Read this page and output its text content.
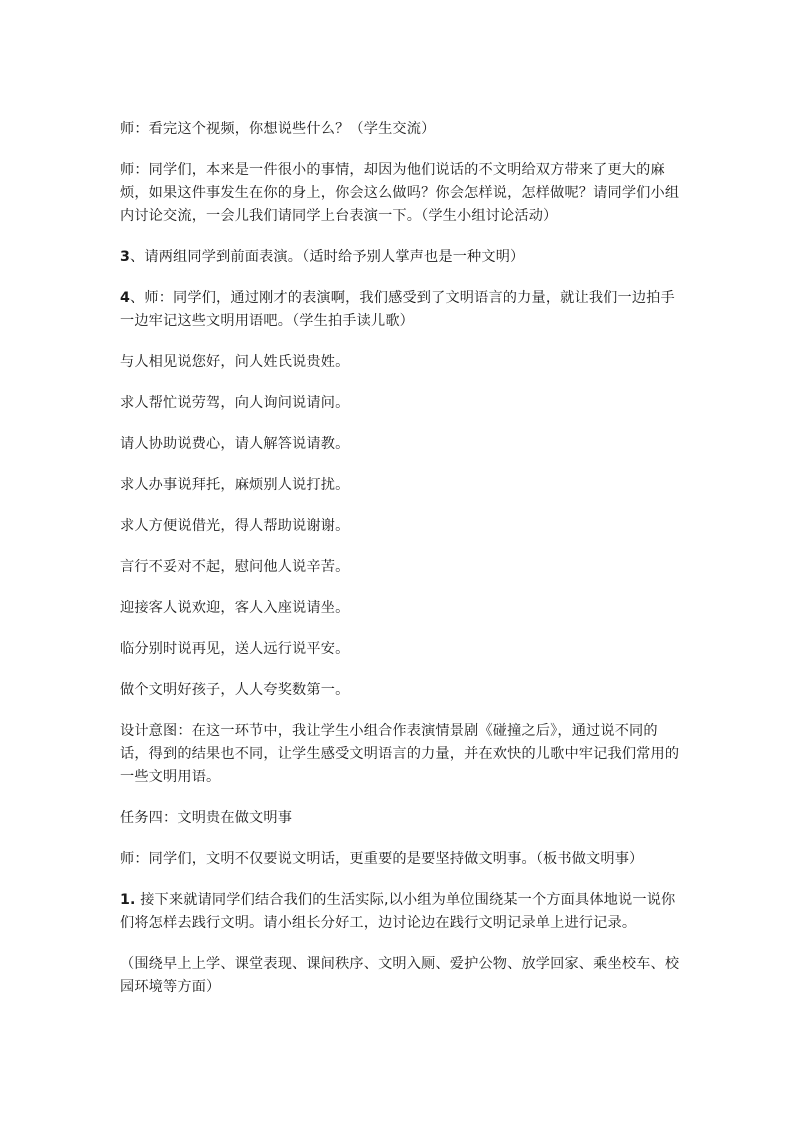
师：看完这个视频，你想说些什么？（学生交流）

师：同学们，本来是一件很小的事情，却因为他们说话的不文明给双方带来了更大的麻烦，如果这件事发生在你的身上，你会这么做吗？你会怎样说，怎样做呢？请同学们小组内讨论交流，一会儿我们请同学上台表演一下。（学生小组讨论活动）

3、请两组同学到前面表演。（适时给予别人掌声也是一种文明）

4、师：同学们，通过刚才的表演啊，我们感受到了文明语言的力量，就让我们一边拍手一边牢记这些文明用语吧。（学生拍手读儿歌）

与人相见说您好，问人姓氏说贵姓。

求人帮忙说劳驾，向人询问说请问。

请人协助说费心，请人解答说请教。

求人办事说拜托，麻烦别人说打扰。

求人方便说借光，得人帮助说谢谢。

言行不妥对不起，慰问他人说辛苦。

迎接客人说欢迎，客人入座说请坐。

临分别时说再见，送人远行说平安。

做个文明好孩子，人人夸奖数第一。

设计意图：在这一环节中，我让学生小组合作表演情景剧《碰撞之后》，通过说不同的话，得到的结果也不同，让学生感受文明语言的力量，并在欢快的儿歌中牢记我们常用的一些文明用语。

任务四：文明贵在做文明事

师：同学们，文明不仅要说文明话，更重要的是要坚持做文明事。（板书做文明事）

1. 接下来就请同学们结合我们的生活实际,以小组为单位围绕某一个方面具体地说一说你们将怎样去践行文明。请小组长分好工，边讨论边在践行文明记录单上进行记录。

（围绕早上上学、课堂表现、课间秩序、文明入厕、爱护公物、放学回家、乘坐校车、校园环境等方面）
